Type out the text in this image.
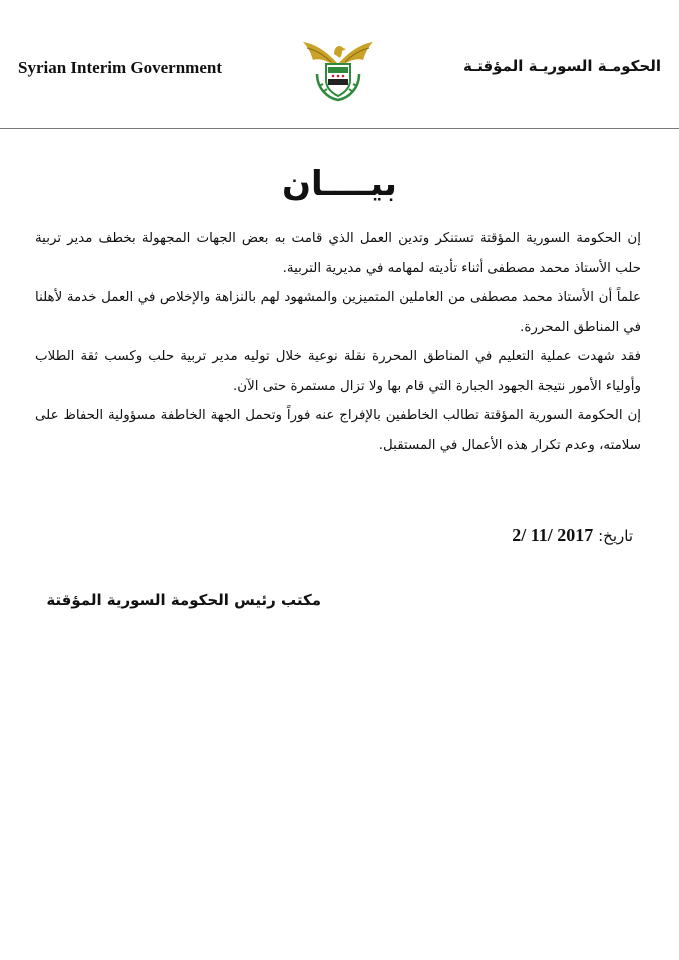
Syrian Interim Government	الحكومـة السوريـة المؤقتـة
بيــــان

إن الحكومة السورية المؤقتة تستنكر وتدين العمل الذي قامت به بعض الجهات المجهولة بخطف مدير تربية حلب الأستاذ محمد مصطفى أثناء تأديته لمهامه في مديرية التربية.

علماً أن الأستاذ محمد مصطفى من العاملين المتميزين والمشهود لهم بالنزاهة والإخلاص في العمل خدمة لأهلنا في المناطق المحررة.

فقد شهدت عملية التعليم في المناطق المحررة نقلة نوعية خلال توليه مدير تربية حلب وكسب ثقة الطلاب وأولياء الأمور نتيجة الجهود الجبارة التي قام بها ولا تزال مستمرة حتى الآن.

إن الحكومة السورية المؤقتة تطالب الخاطفين بالإفراج عنه فوراً وتحمل الجهة الخاطفة مسؤولية الحفاظ على سلامته، وعدم تكرار هذه الأعمال في المستقبل.

تاريخ: 2/ 11/ 2017
مكتب رئيس الحكومة السورية المؤقتة
